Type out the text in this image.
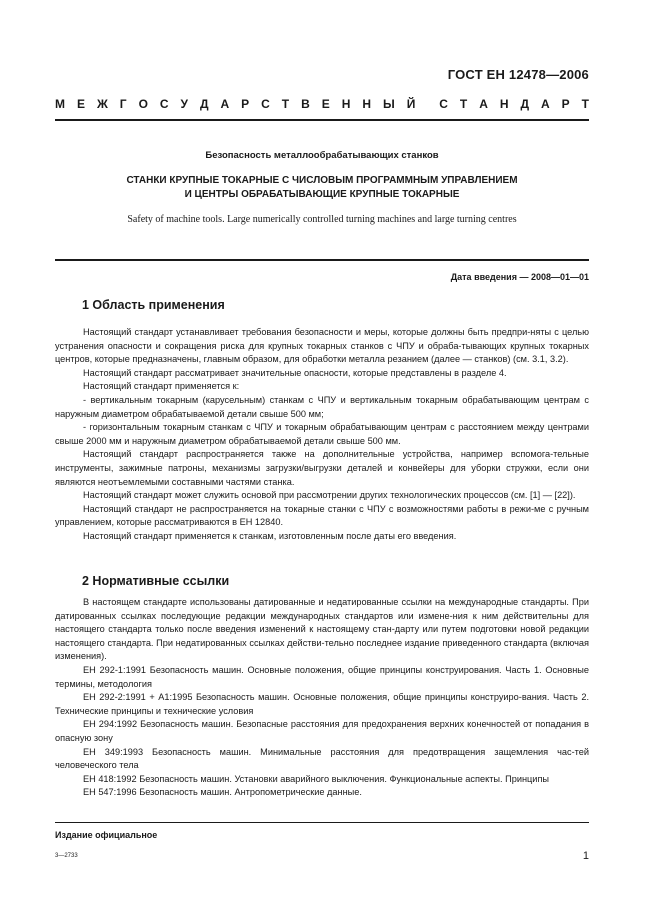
ГОСТ ЕН 12478—2006
М Е Ж Г О С У Д А Р С Т В Е Н Н Ы Й С Т А Н Д А Р Т
Безопасность металлообрабатывающих станков
СТАНКИ КРУПНЫЕ ТОКАРНЫЕ С ЧИСЛОВЫМ ПРОГРАММНЫМ УПРАВЛЕНИЕМ
И ЦЕНТРЫ ОБРАБАТЫВАЮЩИЕ КРУПНЫЕ ТОКАРНЫЕ
Safety of machine tools. Large numerically controlled turning machines and large turning centres
Дата введения — 2008—01—01
1 Область применения

Настоящий стандарт устанавливает требования безопасности и меры, которые должны быть предпри-няты с целью устранения опасности и сокращения риска для крупных токарных станков с ЧПУ и обраба-тывающих крупных токарных центров, которые предназначены, главным образом, для обработки металла резанием (далее — станков) (см. 3.1, 3.2).

Настоящий стандарт рассматривает значительные опасности, которые представлены в разделе 4.

Настоящий стандарт применяется к:

- вертикальным токарным (карусельным) станкам с ЧПУ и вертикальным токарным обрабатывающим центрам с наружным диаметром обрабатываемой детали свыше 500 мм;

- горизонтальным токарным станкам с ЧПУ и токарным обрабатывающим центрам с расстоянием между центрами свыше 2000 мм и наружным диаметром обрабатываемой детали свыше 500 мм.

Настоящий стандарт распространяется также на дополнительные устройства, например вспомога-тельные инструменты, зажимные патроны, механизмы загрузки/выгрузки деталей и конвейеры для уборки стружки, если они являются неотъемлемыми составными частями станка.

Настоящий стандарт может служить основой при рассмотрении других технологических процессов (см. [1] — [22]).

Настоящий стандарт не распространяется на токарные станки с ЧПУ с возможностями работы в режи-ме с ручным управлением, которые рассматриваются в ЕН 12840.

Настоящий стандарт применяется к станкам, изготовленным после даты его введения.

2 Нормативные ссылки

В настоящем стандарте использованы датированные и недатированные ссылки на международные стандарты. При датированных ссылках последующие редакции международных стандартов или измене-ния к ним действительны для настоящего стандарта только после введения изменений к настоящему стан-дарту или путем подготовки новой редакции настоящего стандарта. При недатированных ссылках действи-тельно последнее издание приведенного стандарта (включая изменения).

ЕН 292-1:1991 Безопасность машин. Основные положения, общие принципы конструирования. Часть 1. Основные термины, методология

ЕН 292-2:1991 + А1:1995 Безопасность машин. Основные положения, общие принципы конструиро-вания. Часть 2. Технические принципы и технические условия

ЕН 294:1992 Безопасность машин. Безопасные расстояния для предохранения верхних конечностей от попадания в опасную зону

ЕН 349:1993 Безопасность машин. Минимальные расстояния для предотвращения защемления час-тей человеческого тела

ЕН 418:1992 Безопасность машин. Установки аварийного выключения. Функциональные аспекты. Принципы

ЕН 547:1996 Безопасность машин. Антропометрические данные.

Издание официальное
3—2733	1
